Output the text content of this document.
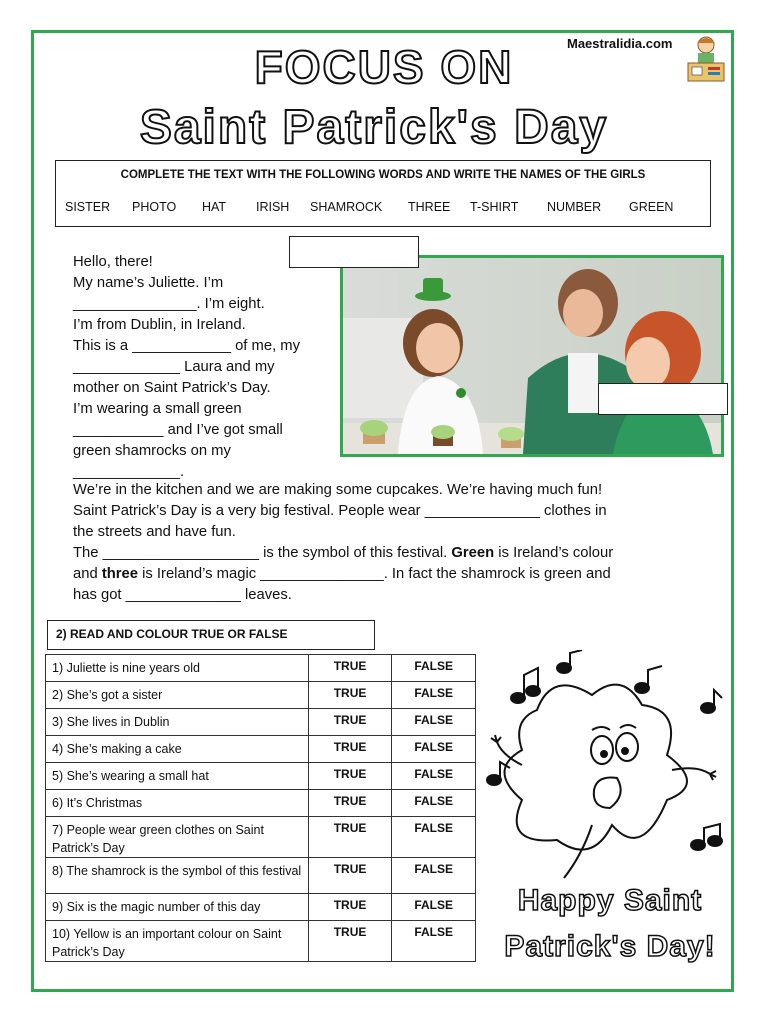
Maestralidia.com
FOCUS ON
Saint Patrick's Day
COMPLETE THE TEXT WITH THE FOLLOWING WORDS AND WRITE THE NAMES OF THE GIRLS
SISTER PHOTO HAT IRISH SHAMROCK THREE T-SHIRT NUMBER GREEN

Hello, there!

My name’s Juliette. I’m

_______________. I’m eight.

I’m from Dublin, in Ireland.

This is a ____________ of me, my

_____________ Laura and my

mother on Saint Patrick’s Day.

I’m wearing a small green

___________ and I’ve got small

green shamrocks on my

_____________.

We’re in the kitchen and we are making some cupcakes. We’re having much fun!

Saint Patrick’s Day is a very big festival. People wear ______________ clothes in

the streets and have fun.

The ___________________ is the symbol of this festival. Green is Ireland’s colour

and three is Ireland’s magic _______________. In fact the shamrock is green and

has got ______________ leaves.

2) READ AND COLOUR TRUE OR FALSE
1) Juliette is nine years old	TRUE	FALSE
2) She’s got a sister	TRUE	FALSE
3) She lives in Dublin	TRUE	FALSE
4) She’s making a cake	TRUE	FALSE
5) She’s wearing a small hat	TRUE	FALSE
6) It’s Christmas	TRUE	FALSE
7) People wear green clothes on Saint Patrick’s Day	TRUE	FALSE
8) The shamrock is the symbol of this festival	TRUE	FALSE
9) Six is the magic number of this day	TRUE	FALSE
10) Yellow is an important colour on Saint Patrick’s Day	TRUE	FALSE
Happy Saint
Patrick's Day!
